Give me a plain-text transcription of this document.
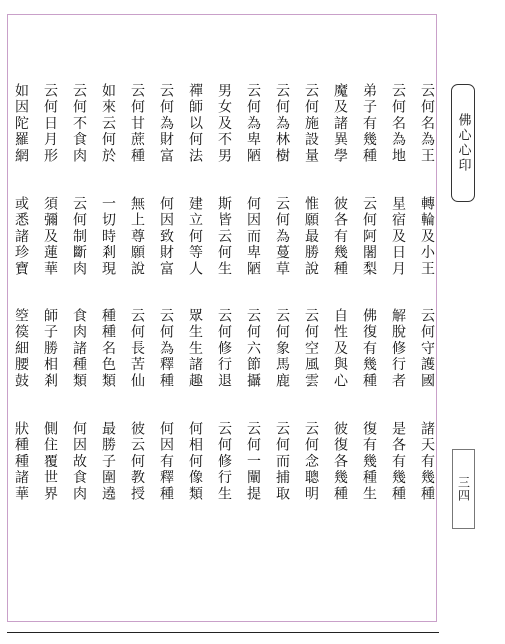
佛心心印
三四
云何名為王
轉輪及小王
云何守護國
諸天有幾種
云何名為地
星宿及日月
解脫修行者
是各有幾種
弟子有幾種
云何阿闍梨
佛復有幾種
復有幾種生
魔及諸異學
彼各有幾種
自性及與心
彼復各幾種
云何施設量
惟願最勝說
云何空風雲
云何念聰明
云何為林樹
云何為蔓草
云何象馬鹿
云何而捕取
云何為卑陋
何因而卑陋
云何六節攝
云何一闡提
男女及不男
斯皆云何生
云何修行退
云何修行生
禪師以何法
建立何等人
眾生生諸趣
何相何像類
云何為財富
何因致財富
云何為釋種
何因有釋種
云何甘蔗種
無上尊願說
云何長苦仙
彼云何教授
如來云何於
一切時剎現
種種名色類
最勝子圍遶
云何不食肉
云何制斷肉
食肉諸種類
何因故食肉
云何日月形
須彌及蓮華
師子勝相剎
側住覆世界
如因陀羅網
或悉諸珍寶
箜篌細腰鼓
狀種種諸華
